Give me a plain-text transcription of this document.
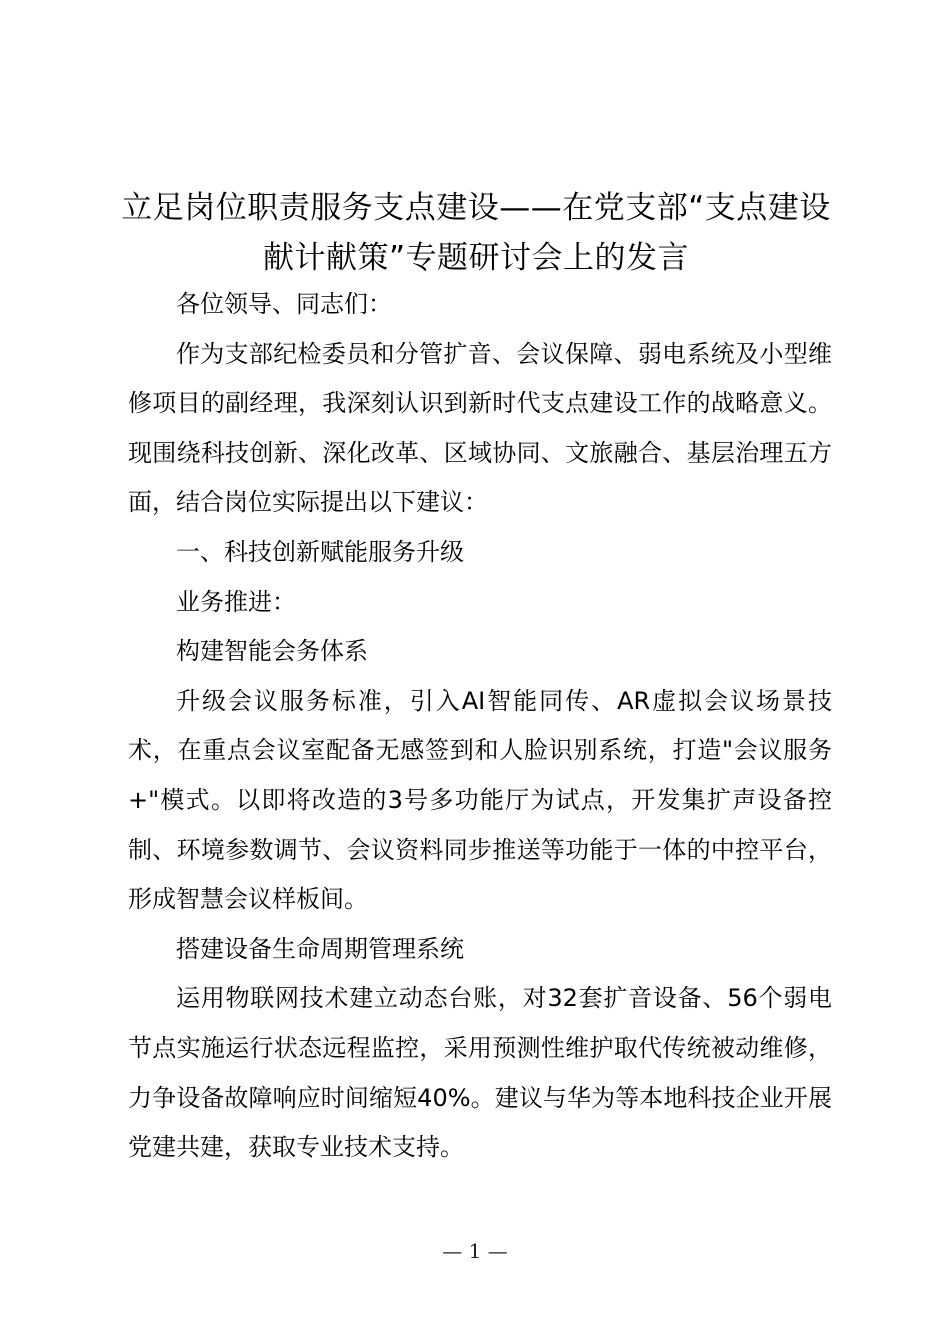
立足岗位职责服务支点建设——在党支部“支点建设献计献策”专题研讨会上的发言

各位领导、同志们：

作为支部纪检委员和分管扩音、会议保障、弱电系统及小型维修项目的副经理，我深刻认识到新时代支点建设工作的战略意义。现围绕科技创新、深化改革、区域协同、文旅融合、基层治理五方面，结合岗位实际提出以下建议：

一、科技创新赋能服务升级

业务推进：

构建智能会务体系

升级会议服务标准，引入AI智能同传、AR虚拟会议场景技术，在重点会议室配备无感签到和人脸识别系统，打造"会议服务+"模式。以即将改造的3号多功能厅为试点，开发集扩声设备控制、环境参数调节、会议资料同步推送等功能于一体的中控平台，形成智慧会议样板间。

搭建设备生命周期管理系统

运用物联网技术建立动态台账，对32套扩音设备、56个弱电节点实施运行状态远程监控，采用预测性维护取代传统被动维修，力争设备故障响应时间缩短40%。建议与华为等本地科技企业开展党建共建，获取专业技术支持。

— 1 —
